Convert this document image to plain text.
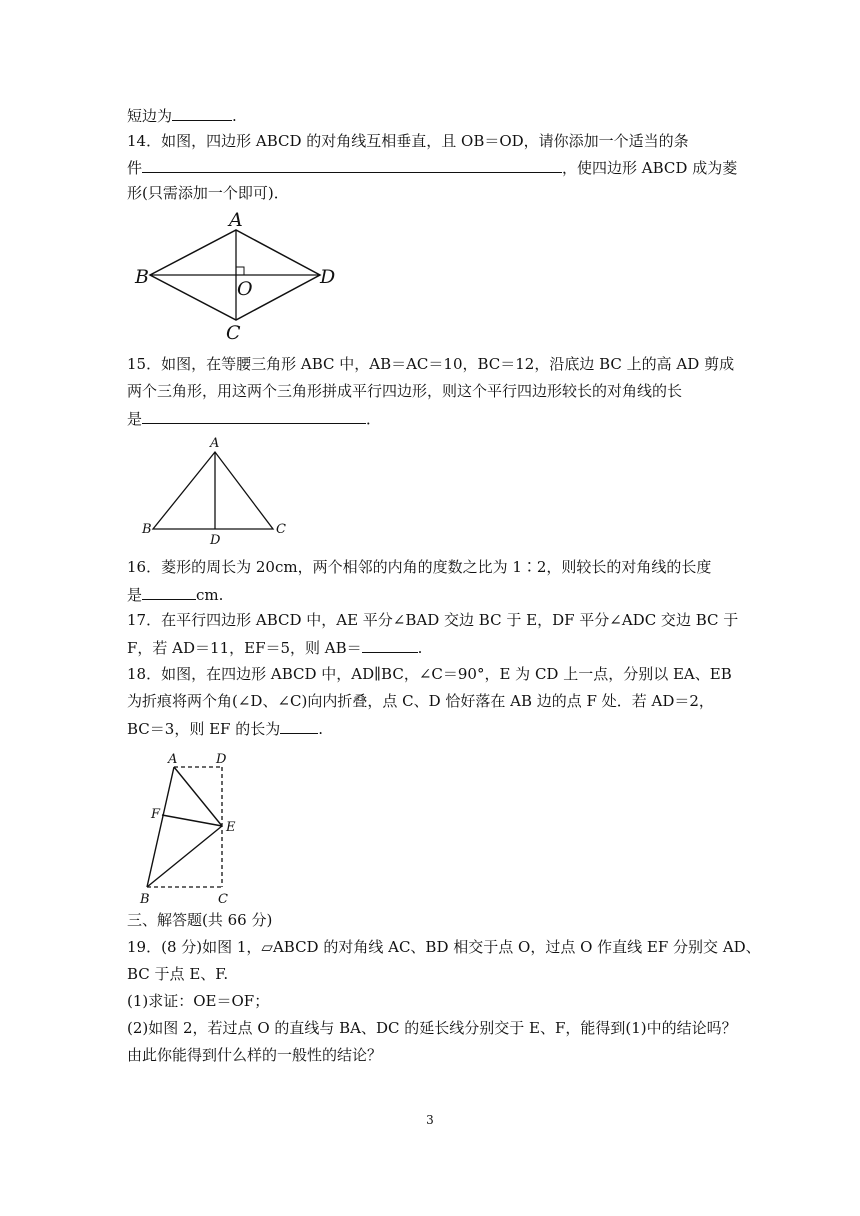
短边为	.
14．如图，四边形 ABCD 的对角线互相垂直，且 OB＝OD，请你添加一个适当的条
件	，使四边形 ABCD 成为菱
形(只需添加一个即可)．
A
B
C
D
O
15．如图，在等腰三角形 ABC 中，AB＝AC＝10，BC＝12，沿底边 BC 上的高 AD 剪成
两个三角形，用这两个三角形拼成平行四边形，则这个平行四边形较长的对角线的长
是	．
A
B	C
D
16．菱形的周长为 20cm，两个相邻的内角的度数之比为 1∶2，则较长的对角线的长度
是	cm.
17．在平行四边形 ABCD 中，AE 平分∠BAD 交边 BC 于 E，DF 平分∠ADC 交边 BC 于
F，若 AD＝11，EF＝5，则 AB＝	.
18．如图，在四边形 ABCD 中，AD∥BC，∠C＝90°，E 为 CD 上一点，分别以 EA、EB
为折痕将两个角(∠D、∠C)向内折叠，点 C、D 恰好落在 AB 边的点 F 处．若 AD＝2，
BC＝3，则 EF 的长为	.
A	D
F
E
B	C
三、解答题(共 66 分)
19．(8 分)如图 1，▱ABCD 的对角线 AC、BD 相交于点 O，过点 O 作直线 EF 分别交 AD、
BC 于点 E、F.
(1)求证：OE＝OF；
(2)如图 2，若过点 O 的直线与 BA、DC 的延长线分别交于 E、F，能得到(1)中的结论吗？
由此你能得到什么样的一般性的结论？
3
